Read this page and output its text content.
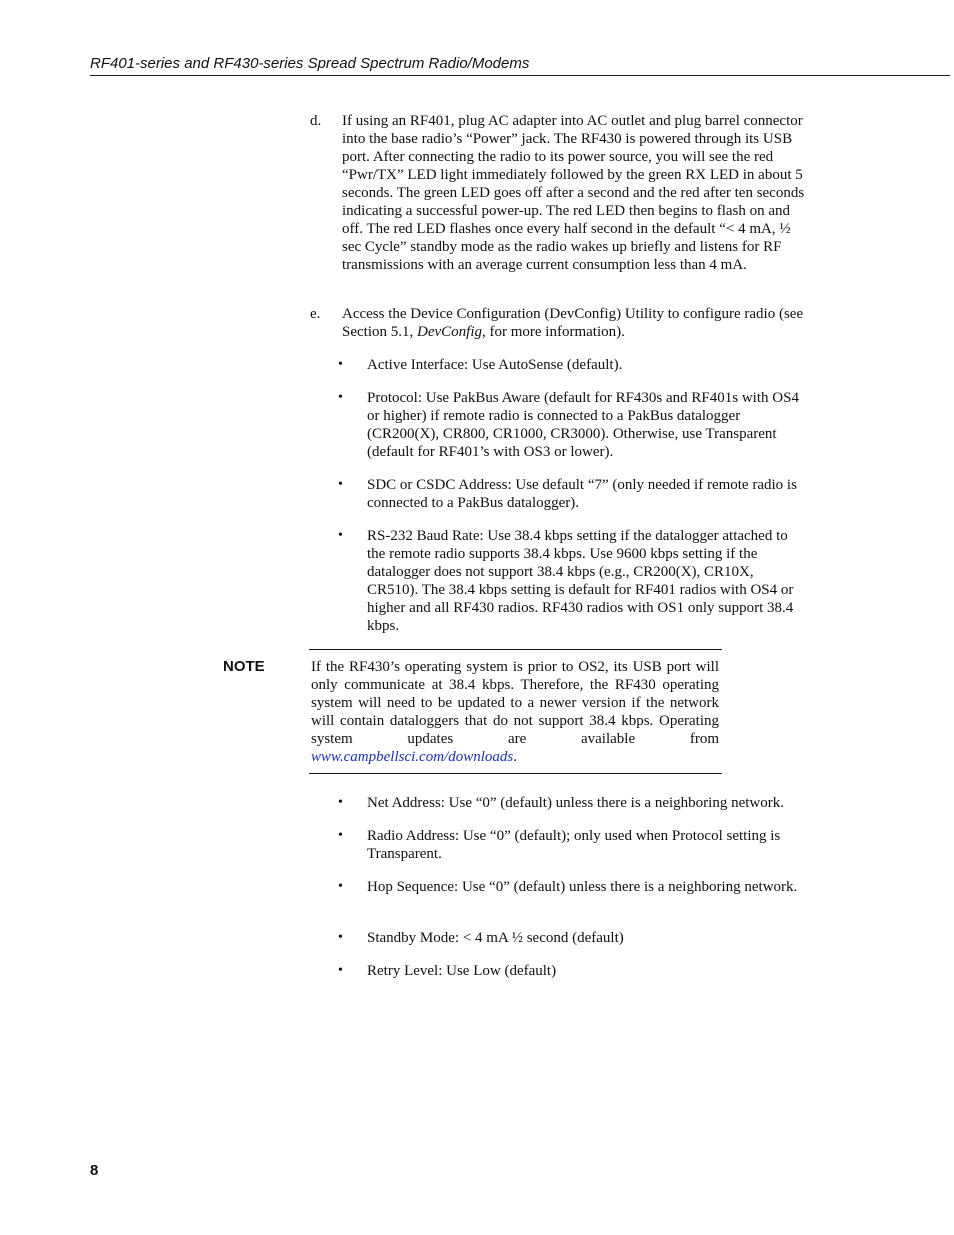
RF401-series and RF430-series Spread Spectrum Radio/Modems
d. If using an RF401, plug AC adapter into AC outlet and plug barrel connector into the base radio’s “Power” jack. The RF430 is powered through its USB port. After connecting the radio to its power source, you will see the red “Pwr/TX” LED light immediately followed by the green RX LED in about 5 seconds. The green LED goes off after a second and the red after ten seconds indicating a successful power-up. The red LED then begins to flash on and off. The red LED flashes once every half second in the default “< 4 mA, ½ sec Cycle” standby mode as the radio wakes up briefly and listens for RF transmissions with an average current consumption less than 4 mA.
e. Access the Device Configuration (DevConfig) Utility to configure radio (see Section 5.1, DevConfig, for more information).
• Active Interface: Use AutoSense (default).
• Protocol: Use PakBus Aware (default for RF430s and RF401s with OS4 or higher) if remote radio is connected to a PakBus datalogger (CR200(X), CR800, CR1000, CR3000). Otherwise, use Transparent (default for RF401’s with OS3 or lower).
• SDC or CSDC Address: Use default “7” (only needed if remote radio is connected to a PakBus datalogger).
• RS-232 Baud Rate: Use 38.4 kbps setting if the datalogger attached to the remote radio supports 38.4 kbps. Use 9600 kbps setting if the datalogger does not support 38.4 kbps (e.g., CR200(X), CR10X, CR510). The 38.4 kbps setting is default for RF401 radios with OS4 or higher and all RF430 radios. RF430 radios with OS1 only support 38.4 kbps.
NOTE	If the RF430’s operating system is prior to OS2, its USB port will only communicate at 38.4 kbps. Therefore, the RF430 operating system will need to be updated to a newer version if the network will contain dataloggers that do not support 38.4 kbps. Operating system updates are available from
www.campbellsci.com/downloads.
• Net Address: Use “0” (default) unless there is a neighboring network.
• Radio Address: Use “0” (default); only used when Protocol setting is Transparent.
• Hop Sequence: Use “0” (default) unless there is a neighboring network.
• Standby Mode: < 4 mA ½ second (default)
• Retry Level: Use Low (default)
8
